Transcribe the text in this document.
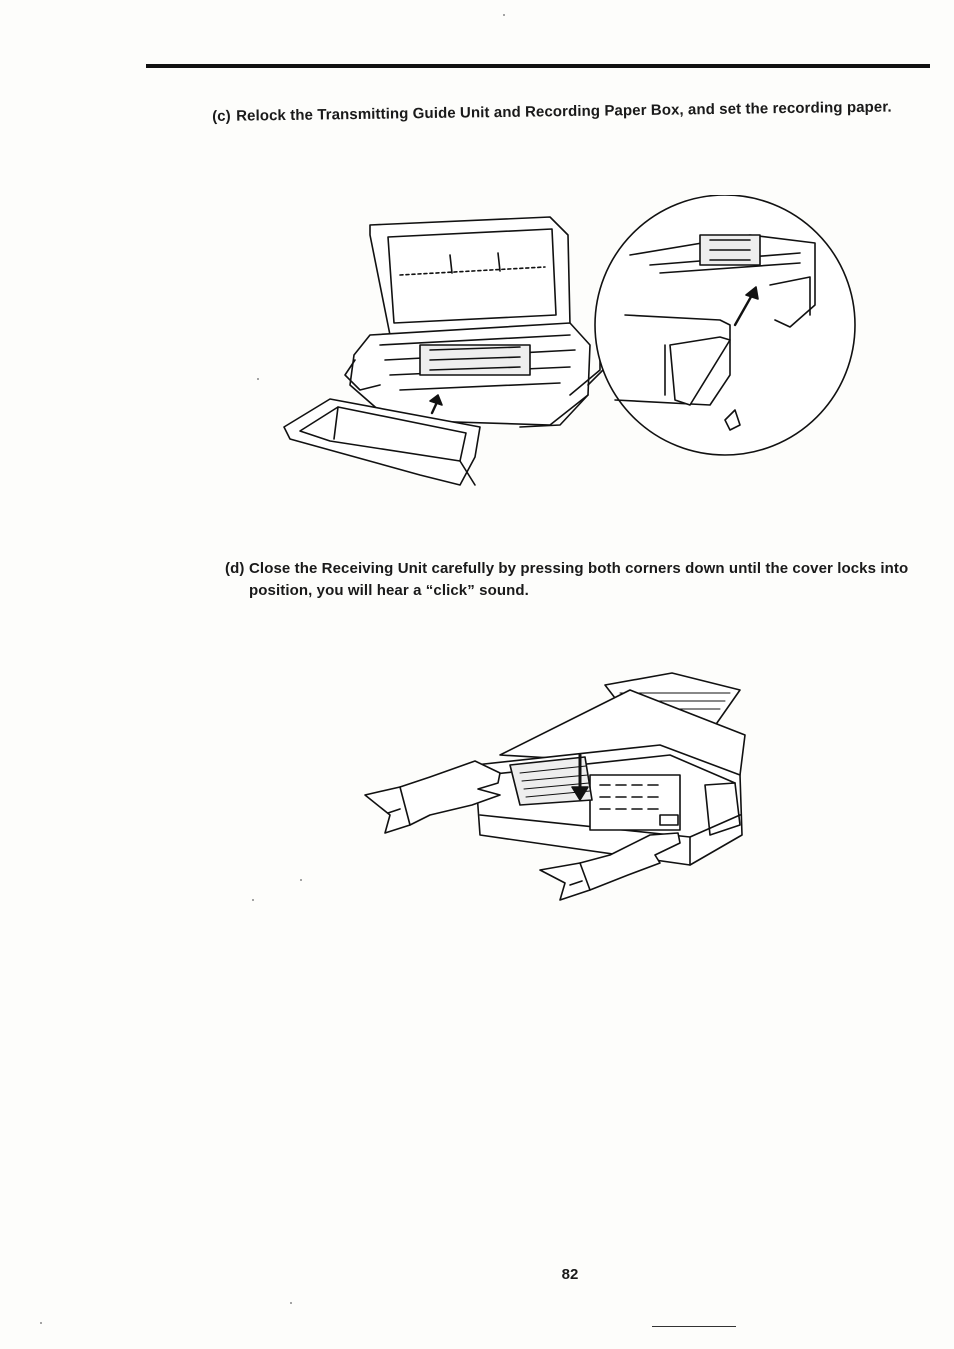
(c) Relock the Transmitting Guide Unit and Recording Paper Box, and set the recording paper.
(d) Close the Receiving Unit carefully by pressing both corners down until the cover locks into
position, you will hear a “click” sound.
82
